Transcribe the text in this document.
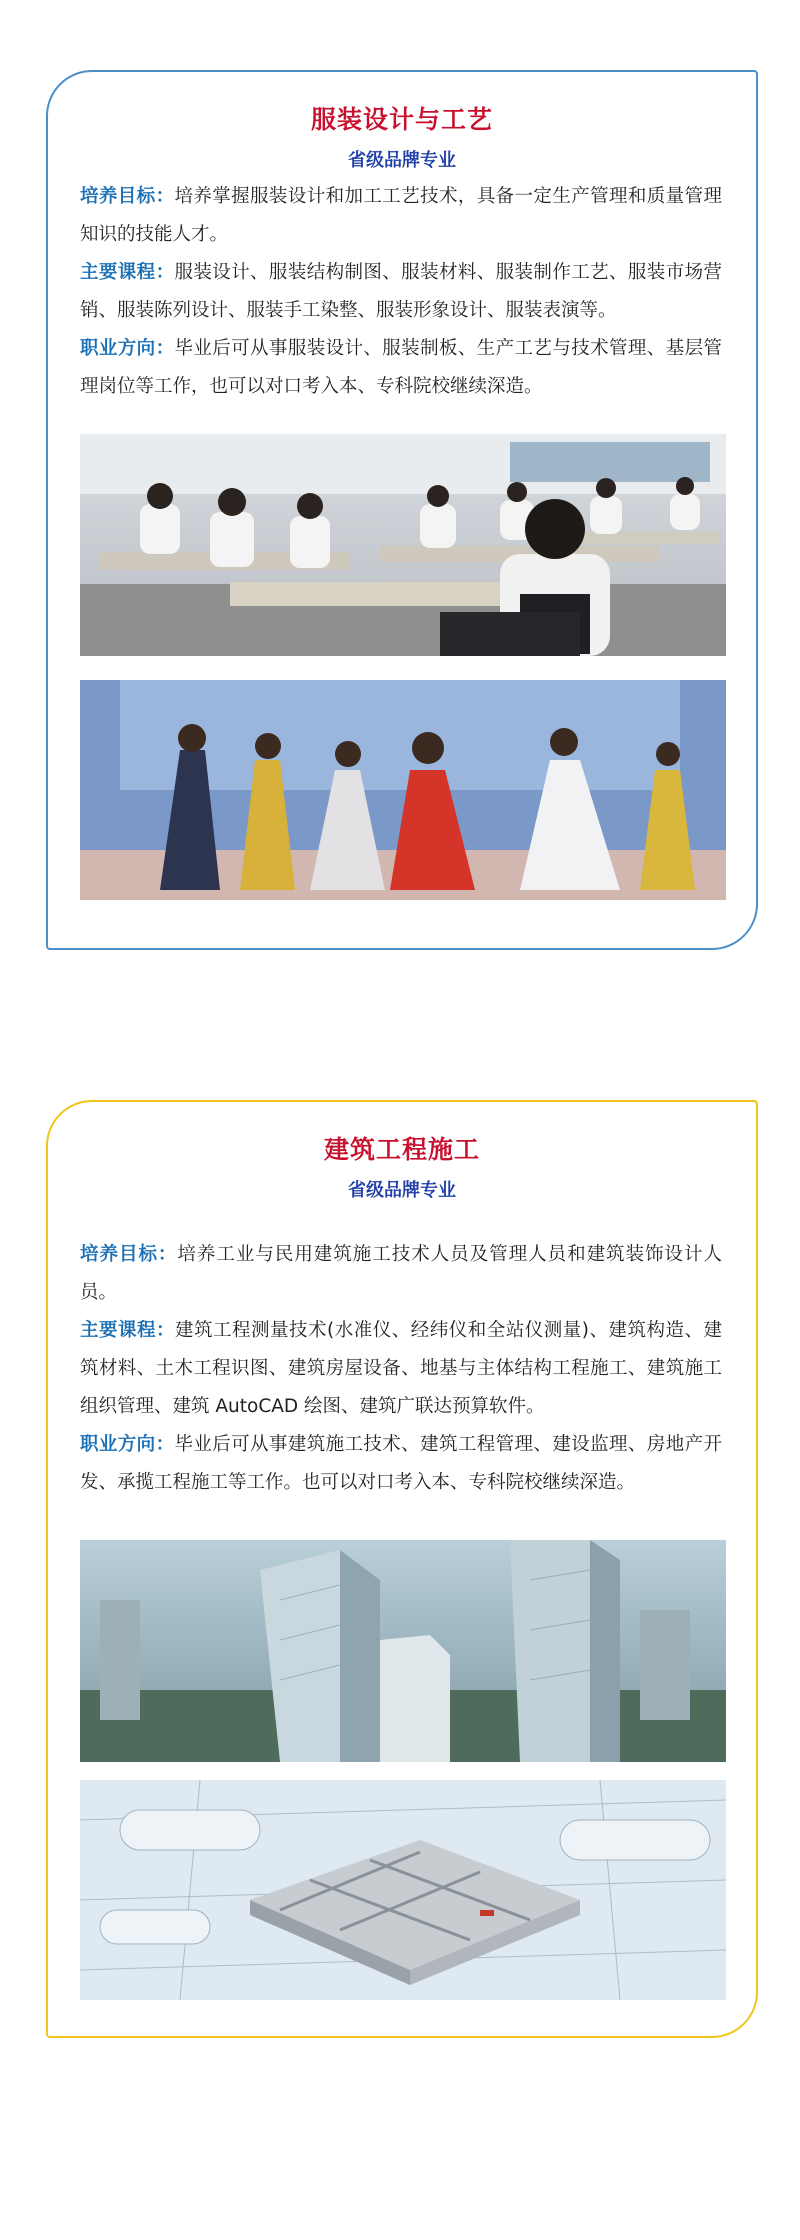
服装设计与工艺
省级品牌专业
培养目标：培养掌握服装设计和加工工艺技术，具备一定生产管理和质量管理知识的技能人才。
主要课程：服装设计、服装结构制图、服装材料、服装制作工艺、服装市场营销、服装陈列设计、服装手工染整、服装形象设计、服装表演等。
职业方向：毕业后可从事服装设计、服装制板、生产工艺与技术管理、基层管理岗位等工作，也可以对口考入本、专科院校继续深造。
建筑工程施工
省级品牌专业
培养目标：培养工业与民用建筑施工技术人员及管理人员和建筑装饰设计人员。
主要课程：建筑工程测量技术(水准仪、经纬仪和全站仪测量)、建筑构造、建筑材料、土木工程识图、建筑房屋设备、地基与主体结构工程施工、建筑施工组织管理、建筑 AutoCAD 绘图、建筑广联达预算软件。
职业方向：毕业后可从事建筑施工技术、建筑工程管理、建设监理、房地产开发、承揽工程施工等工作。也可以对口考入本、专科院校继续深造。
